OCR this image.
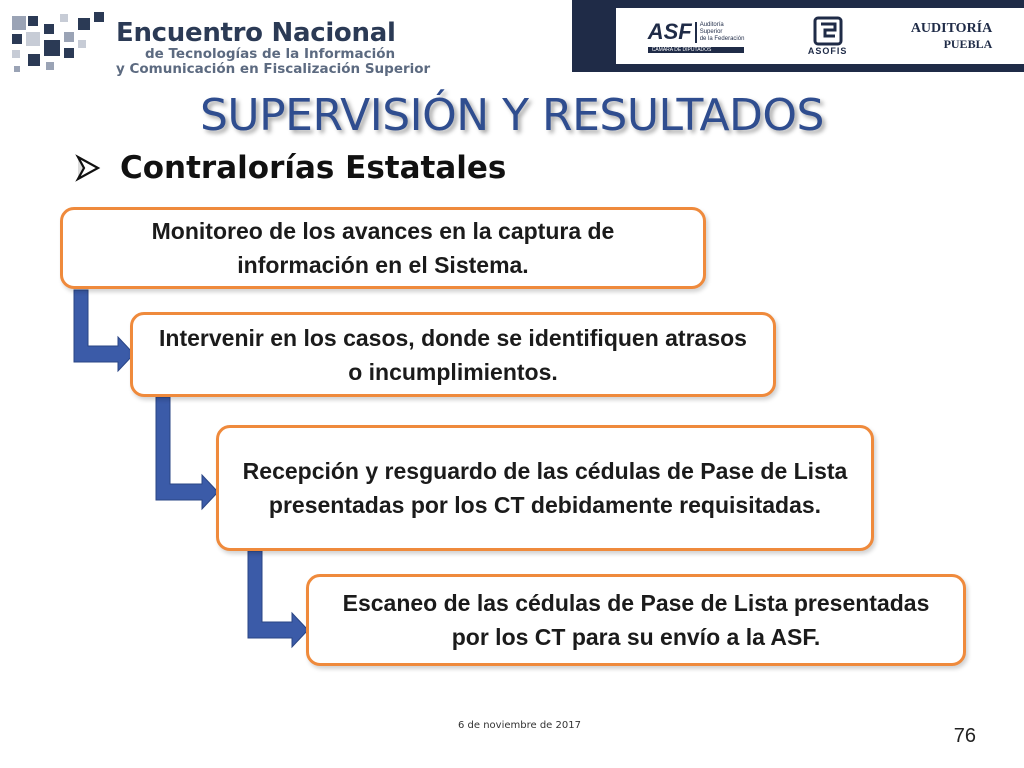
Encuentro Nacional
de Tecnologías de la Información
y Comunicación en Fiscalización Superior
ASF Auditoría
Superior
de la Federación
CÁMARA DE DIPUTADOS	ASOFIS
AUDITORÍA
PUEBLA
SUPERVISIÓN Y RESULTADOS
Contralorías Estatales
Monitoreo de los avances en la captura de información en el Sistema.
Intervenir en los casos, donde se identifiquen atrasos o incumplimientos.
Recepción y resguardo de las cédulas de Pase de Lista presentadas por los CT debidamente requisitadas.
Escaneo de las cédulas de Pase de Lista presentadas por los CT para su envío a la ASF.
6 de noviembre de 2017	76
